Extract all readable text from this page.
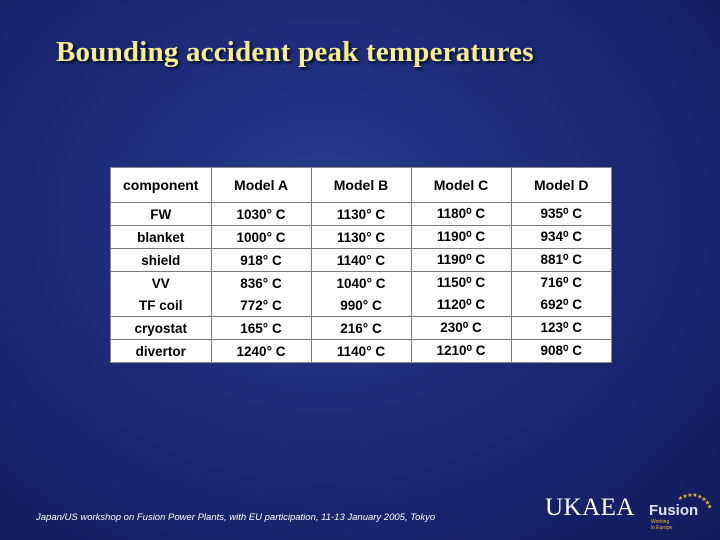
Bounding accident peak temperatures
component	Model A	Model B	Model C	Model D
FW	1030° C	1130° C	1180⁰ C	935⁰ C
blanket	1000° C	1130° C	1190⁰ C	934⁰ C
shield	918° C	1140° C	1190⁰ C	881⁰ C
VV	836° C	1040° C	1150⁰ C	716⁰ C
TF coil	772° C	990° C	1120⁰ C	692⁰ C
cryostat	165° C	216° C	230⁰ C	123⁰ C
divertor	1240° C	1140° C	1210⁰ C	908⁰ C
Japan/US workshop on Fusion Power Plants, with EU participation, 11-13 January 2005, Tokyo	UKAEA Fusion
Working
in Europe
★ ★ ★ ★ ★
★
★
★
